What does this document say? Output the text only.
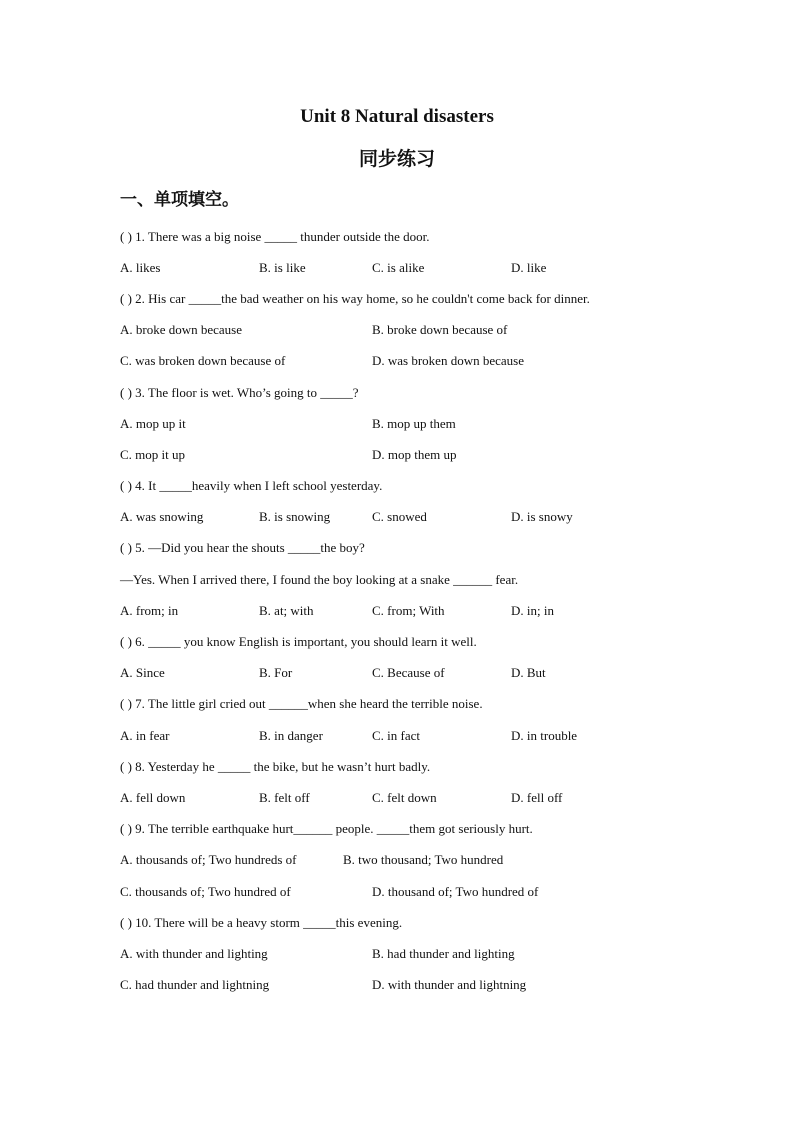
Unit 8 Natural disasters
同步练习
一、单项填空。
( ) 1. There was a big noise _____ thunder outside the door.
A. likes	B. is like	C. is alike	D. like
( ) 2. His car _____the bad weather on his way home, so he couldn't come back for dinner.
A. broke down because	B. broke down because of
C. was broken down because of	D. was broken down because
( ) 3. The floor is wet. Who’s going to _____?
A. mop up it	B. mop up them
C. mop it up	D. mop them up
( ) 4. It _____heavily when I left school yesterday.
A. was snowing	B. is snowing	C. snowed	D. is snowy
( ) 5. —Did you hear the shouts _____the boy?
—Yes. When I arrived there, I found the boy looking at a snake ______ fear.
A. from; in	B. at; with	C. from; With	D. in; in
( ) 6. _____ you know English is important, you should learn it well.
A. Since	B. For	C. Because of	D. But
( ) 7. The little girl cried out ______when she heard the terrible noise.
A. in fear	B. in danger	C. in fact	D. in trouble
( ) 8. Yesterday he _____ the bike, but he wasn’t hurt badly.
A. fell down	B. felt off	C. felt down	D. fell off
( ) 9. The terrible earthquake hurt______ people. _____them got seriously hurt.
A. thousands of; Two hundreds of	B. two thousand; Two hundred
C. thousands of; Two hundred of	D. thousand of; Two hundred of
( ) 10. There will be a heavy storm _____this evening.
A. with thunder and lighting	B. had thunder and lighting
C. had thunder and lightning	D. with thunder and lightning
